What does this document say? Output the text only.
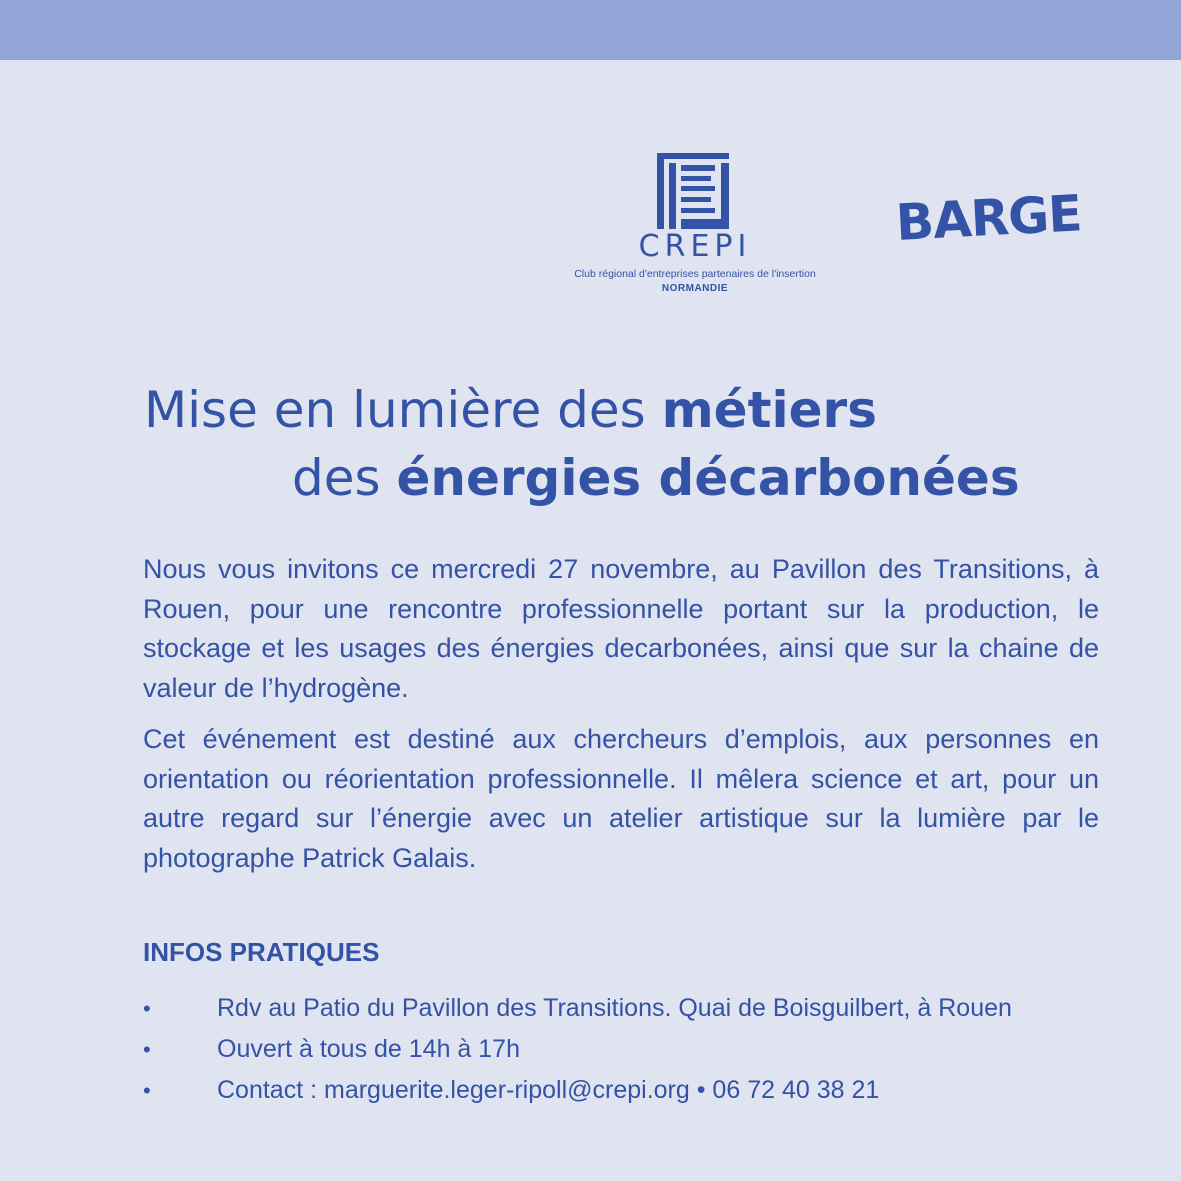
CREPI
Club régional d'entreprises partenaires de l'insertion
NORMANDIE
BARGE
Mise en lumière des métiers
des énergies décarbonées

Nous vous invitons ce mercredi 27 novembre, au Pavillon des Transitions, à Rouen, pour une rencontre professionnelle portant sur la production, le stockage et les usages des énergies decarbonées, ainsi que sur la chaine de valeur de l’hydrogène.

Cet événement est destiné aux chercheurs d’emplois, aux personnes en orientation ou réorientation professionnelle. Il mêlera science et art, pour un autre regard sur l’énergie avec un atelier artistique sur la lumière par le photographe Patrick Galais.

INFOS PRATIQUES
•	Rdv au Patio du Pavillon des Transitions. Quai de Boisguilbert, à Rouen
•	Ouvert à tous de 14h à 17h
•	Contact : marguerite.leger-ripoll@crepi.org • 06 72 40 38 21
